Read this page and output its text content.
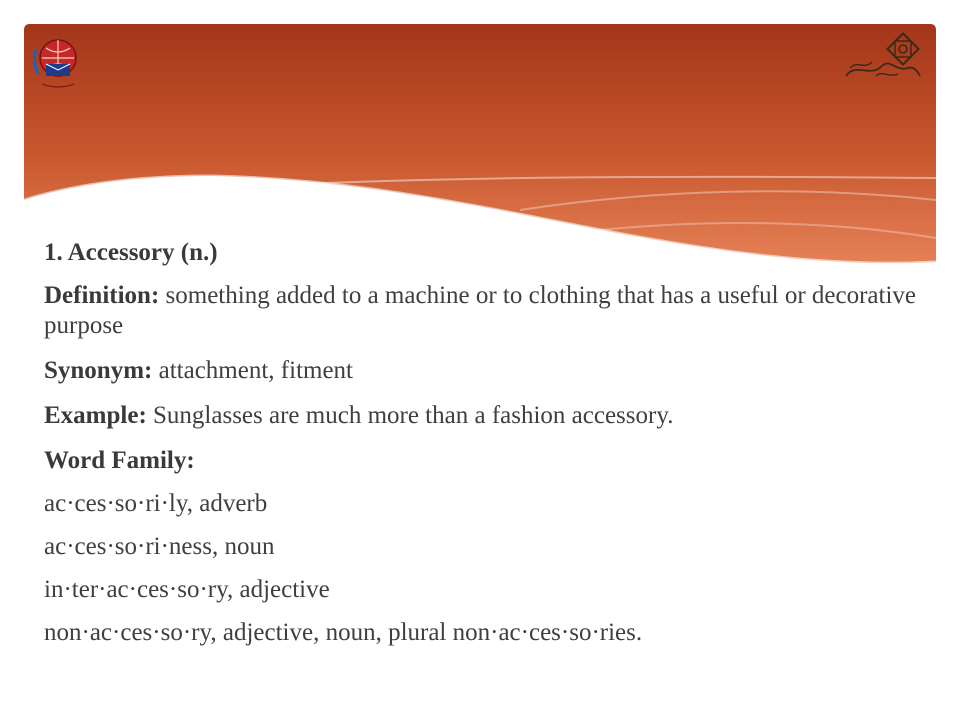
1. Accessory (n.)

Definition: something added to a machine or to clothing that has a useful or decorative purpose

Synonym: attachment, fitment

Example: Sunglasses are much more than a fashion accessory.

Word Family:

ac·ces·so·ri·ly, adverb

ac·ces·so·ri·ness, noun

in·ter·ac·ces·so·ry, adjective

non·ac·ces·so·ry, adjective, noun, plural non·ac·ces·so·ries.
